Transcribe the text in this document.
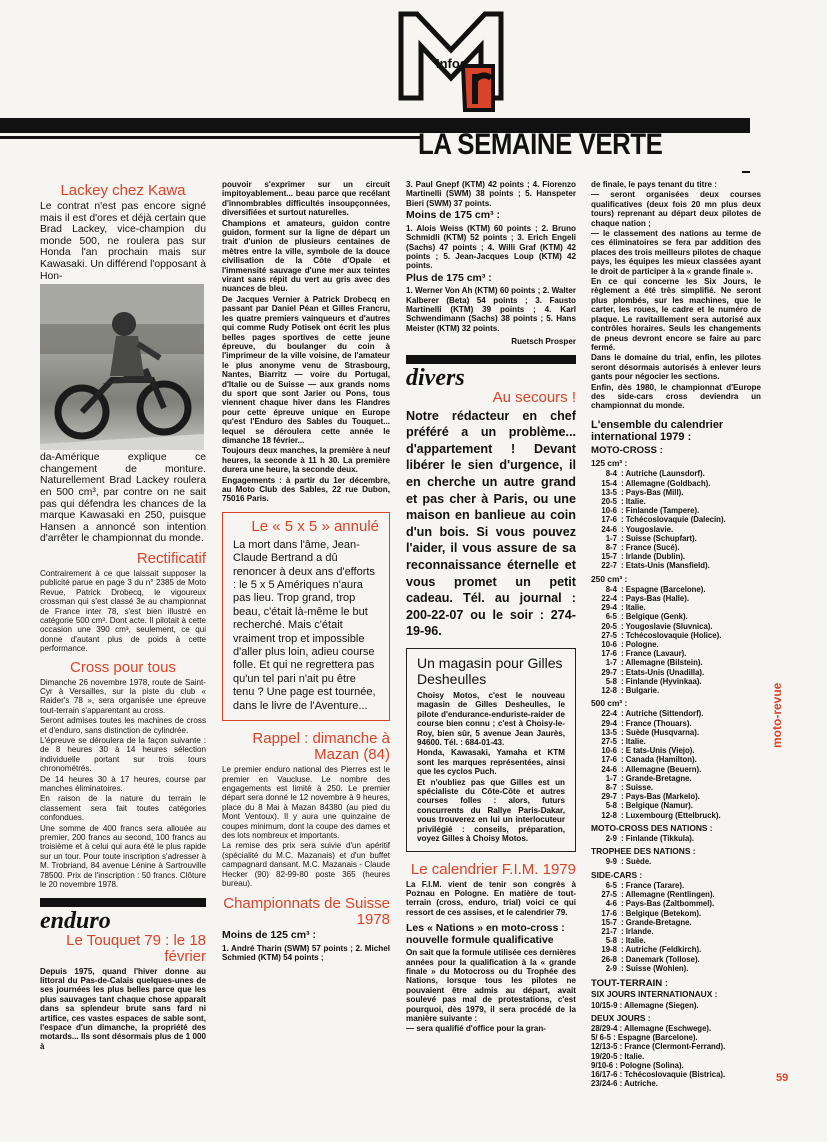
Infos
LA SEMAINE VERTE
moto-revue
59
Lackey chez Kawa

Le contrat n'est pas encore signé mais il est d'ores et déjà certain que Brad Lackey, vice-champion du monde 500, ne roulera pas sur Honda l'an prochain mais sur Kawasaki. Un différend l'opposant à Hon-

da-Amérique explique ce changement de monture. Naturellement Brad Lackey roulera en 500 cm³, par contre on ne sait pas qui défendra les chances de la marque Kawasaki en 250, puisque Hansen a annoncé son intention d'arrêter le championnat du monde.

Rectificatif

Contrairement à ce que laissait supposer la publicité parue en page 3 du n° 2385 de Moto Revue, Patrick Drobecq, le vigoureux crossman qui s'est classé 3e au championnat de France inter 78, s'est bien illustré en catégorie 500 cm³. Dont acte. Il pilotait à cette occasion une 390 cm³, seulement, ce qui donne d'autant plus de poids à cette performance.

Cross pour tous

Dimanche 26 novembre 1978, route de Saint-Cyr à Versailles, sur la piste du club « Raider's 78 », sera organisée une épreuve tout-terrain s'apparentant au cross.

Seront admises toutes les machines de cross et d'enduro, sans distinction de cylindrée.

L'épreuve se déroulera de la façon suivante : de 8 heures 30 à 14 heures sélection individuelle portant sur trois tours chronométrés.

De 14 heures 30 à 17 heures, course par manches éliminatoires.

En raison de la nature du terrain le classement sera fait toutes catégories confondues.

Une somme de 400 francs sera allouée au premier, 200 francs au second, 100 francs au troisième et à celui qui aura été le plus rapide sur un tour. Pour toute inscription s'adresser à M. Trobriand, 84 avenue Lénine à Sartrouville 78500. Prix de l'inscription : 50 francs. Clôture le 20 novembre 1978.

enduro
Le Touquet 79 : le 18 février

Depuis 1975, quand l'hiver donne au littoral du Pas-de-Calais quelques-unes de ses journées les plus belles parce que les plus sauvages tant chaque chose apparaît dans sa splendeur brute sans fard ni artifice, ces vastes espaces de sable sont, l'espace d'un dimanche, la propriété des motards... Ils sont désormais plus de 1 000 à

pouvoir s'exprimer sur un circuit impitoyablement... beau parce que recélant d'innombrables difficultés insoupçonnées, diversifiées et surtout naturelles.

Champions et amateurs, guidon contre guidon, forment sur la ligne de départ un trait d'union de plusieurs centaines de mètres entre la ville, symbole de la douce civilisation de la Côte d'Opale et l'immensité sauvage d'une mer aux teintes virant sans répit du vert au gris avec des nuances de bleu.

De Jacques Vernier à Patrick Drobecq en passant par Daniel Péan et Gilles Francru, les quatre premiers vainqueurs et d'autres qui comme Rudy Potisek ont écrit les plus belles pages sportives de cette jeune épreuve, du boulanger du coin à l'imprimeur de la ville voisine, de l'amateur le plus anonyme venu de Strasbourg, Nantes, Biarritz — voire du Portugal, d'Italie ou de Suisse — aux grands noms du sport que sont Jarier ou Pons, tous viennent chaque hiver dans les Flandres pour cette épreuve unique en Europe qu'est l'Enduro des Sables du Touquet... lequel se déroulera cette année le dimanche 18 février...

Toujours deux manches, la première à neuf heures, la seconde à 11 h 30. La première durera une heure, la seconde deux.

Engagements : à partir du 1er décembre, au Moto Club des Sables, 22 rue Dubon, 75016 Paris.

Le « 5 x 5 » annulé

La mort dans l'âme, Jean-Claude Bertrand a dû renoncer à deux ans d'efforts : le 5 x 5 Amériques n'aura pas lieu. Trop grand, trop beau, c'était là-même le but recherché. Mais c'était vraiment trop et impossible d'aller plus loin, adieu course folle. Et qui ne regrettera pas qu'un tel pari n'ait pu être tenu ? Une page est tournée, dans le livre de l'Aventure...

Rappel : dimanche à Mazan (84)

Le premier enduro national des Pierres est le premier en Vaucluse. Le nombre des engagements est limité à 250. Le premier départ sera donné le 12 novembre à 9 heures, place du 8 Mai à Mazan 84380 (au pied du Mont Ventoux). Il y aura une quinzaine de coupes minimum, dont la coupe des dames et des lots nombreux et importants.

La remise des prix sera suivie d'un apéritif (spécialité du M.C. Mazanais) et d'un buffet campagnard dansant. M.C. Mazanais - Claude Hecker (90) 82-99-80 poste 365 (heures bureau).

Championnats de Suisse 1978
Moins de 125 cm³ :

1. André Tharin (SWM) 57 points ; 2. Michel Schmied (KTM) 54 points ;

3. Paul Gnepf (KTM) 42 points ; 4. Fiorenzo Martinelli (SWM) 38 points ; 5. Hanspeter Bieri (SWM) 37 points.

Moins de 175 cm³ :

1. Alois Weiss (KTM) 60 points ; 2. Bruno Schmidli (KTM) 52 points ; 3. Erich Engeli (Sachs) 47 points ; 4. Willi Graf (KTM) 42 points ; 5. Jean-Jacques Loup (KTM) 42 points.

Plus de 175 cm³ :

1. Werner Von Ah (KTM) 60 points ; 2. Walter Kalberer (Beta) 54 points ; 3. Fausto Martinelli (KTM) 39 points ; 4. Karl Schwendimann (Sachs) 38 points ; 5. Hans Meister (KTM) 32 points.

Ruetsch Prosper
divers
Au secours !

Notre rédacteur en chef préféré a un problème... d'appartement ! Devant libérer le sien d'urgence, il en cherche un autre grand et pas cher à Paris, ou une maison en banlieue au coin d'un bois. Si vous pouvez l'aider, il vous assure de sa reconnaissance éternelle et vous promet un petit cadeau. Tél. au journal : 200-22-07 ou le soir : 274-19-96.

Un magasin pour Gilles Desheulles

Choisy Motos, c'est le nouveau magasin de Gilles Desheulles, le pilote d'endurance-enduriste-raider de course bien connu ; c'est à Choisy-le-Roy, bien sûr, 5 avenue Jean Jaurès, 94600. Tél. : 684-01-43.

Honda, Kawasaki, Yamaha et KTM sont les marques représentées, ainsi que les cyclos Puch.

Et n'oubliez pas que Gilles est un spécialiste du Côte-Côte et autres courses folles : alors, futurs concurrents du Rallye Paris-Dakar, vous trouverez en lui un interlocuteur privilégié : conseils, préparation, voyez Gilles à Choisy Motos.

Le calendrier F.I.M. 1979

La F.I.M. vient de tenir son congrès à Poznau en Pologne. En matière de tout-terrain (cross, enduro, trial) voici ce qui ressort de ces assises, et le calendrier 79.

Les « Nations » en moto-cross : nouvelle formule qualificative

On sait que la formule utilisée ces dernières années pour la qualification à la « grande finale » du Motocross ou du Trophée des Nations, lorsque tous les pilotes ne pouvaient être admis au départ, avait soulevé pas mal de protestations, c'est pourquoi, dès 1979, il sera procédé de la manière suivante :

— sera qualifié d'office pour la gran-

de finale, le pays tenant du titre :

— seront organisées deux courses qualificatives (deux fois 20 mn plus deux tours) reprenant au départ deux pilotes de chaque nation ;

— le classement des nations au terme de ces éliminatoires se fera par addition des places des trois meilleurs pilotes de chaque pays, les équipes les mieux classées ayant le droit de participer à la « grande finale ».

En ce qui concerne les Six Jours, le règlement a été très simplifié. Ne seront plus plombés, sur les machines, que le carter, les roues, le cadre et le numéro de plaque. Le ravitaillement sera autorisé aux contrôles horaires. Seuls les changements de pneus devront encore se faire au parc fermé.

Dans le domaine du trial, enfin, les pilotes seront désormais autorisés à enlever leurs gants pour négocier les sections.

Enfin, dès 1980, le championnat d'Europe des side-cars cross deviendra un championnat du monde.

L'ensemble du calendrier international 1979 :
MOTO-CROSS :
125 cm³ :
8-4 : Autriche (Launsdorf).
15-4 : Allemagne (Goldbach).
13-5 : Pays-Bas (Mill).
20-5 : Italie.
10-6 : Finlande (Tampere).
17-6 : Tchécoslovaquie (Dalecin).
24-6 : Yougoslavie.
1-7 : Suisse (Schupfart).
8-7 : France (Sucé).
15-7 : Irlande (Dublin).
22-7 : Etats-Unis (Mansfield).
250 cm³ :
8-4 : Espagne (Barcelone).
22-4 : Pays-Bas (Halle).
29-4 : Italie.
6-5 : Belgique (Genk).
20-5 : Yougoslavie (Sluvnica).
27-5 : Tchécoslovaquie (Holice).
10-6 : Pologne.
17-6 : France (Lavaur).
1-7 : Allemagne (Bilstein).
29-7 : Etats-Unis (Unadilla).
5-8 : Finlande (Hyvinkaa).
12-8 : Bulgarie.
500 cm³ :
22-4 : Autriche (Sittendorf).
29-4 : France (Thouars).
13-5 : Suède (Husqvarna).
27-5 : Italie.
10-6 : E tats-Unis (Viejo).
17-6 : Canada (Hamilton).
24-6 : Allemagne (Beuern).
1-7 : Grande-Bretagne.
8-7 : Suisse.
29-7 : Pays-Bas (Markelo).
5-8 : Belgique (Namur).
12-8 : Luxembourg (Ettelbruck).
MOTO-CROSS DES NATIONS :
2-9 : Finlande (Tikkula).
TROPHEE DES NATIONS :
9-9 : Suède.
SIDE-CARS :
6-5 : France (Tarare).
27-5 : Allemagne (Rentlingen).
4-6 : Pays-Bas (Zaltbommel).
17-6 : Belgique (Betekom).
15-7 : Grande-Bretagne.
21-7 : Irlande.
5-8 : Italie.
19-8 : Autriche (Feldkirch).
26-8 : Danemark (Tollose).
2-9 : Suisse (Wohlen).
TOUT-TERRAIN :
SIX JOURS INTERNATIONAUX :
10/15-9 : Allemagne (Siegen).
DEUX JOURS :
28/29-4 : Allemagne (Eschwege).
5/ 6-5 : Espagne (Barcelone).
12/13-5 : France (Clermont-Ferrand).
19/20-5 : Italie.
9/10-6 : Pologne (Solina).
16/17-6 : Tchécoslovaquie (Bistrica).
23/24-6 : Autriche.
